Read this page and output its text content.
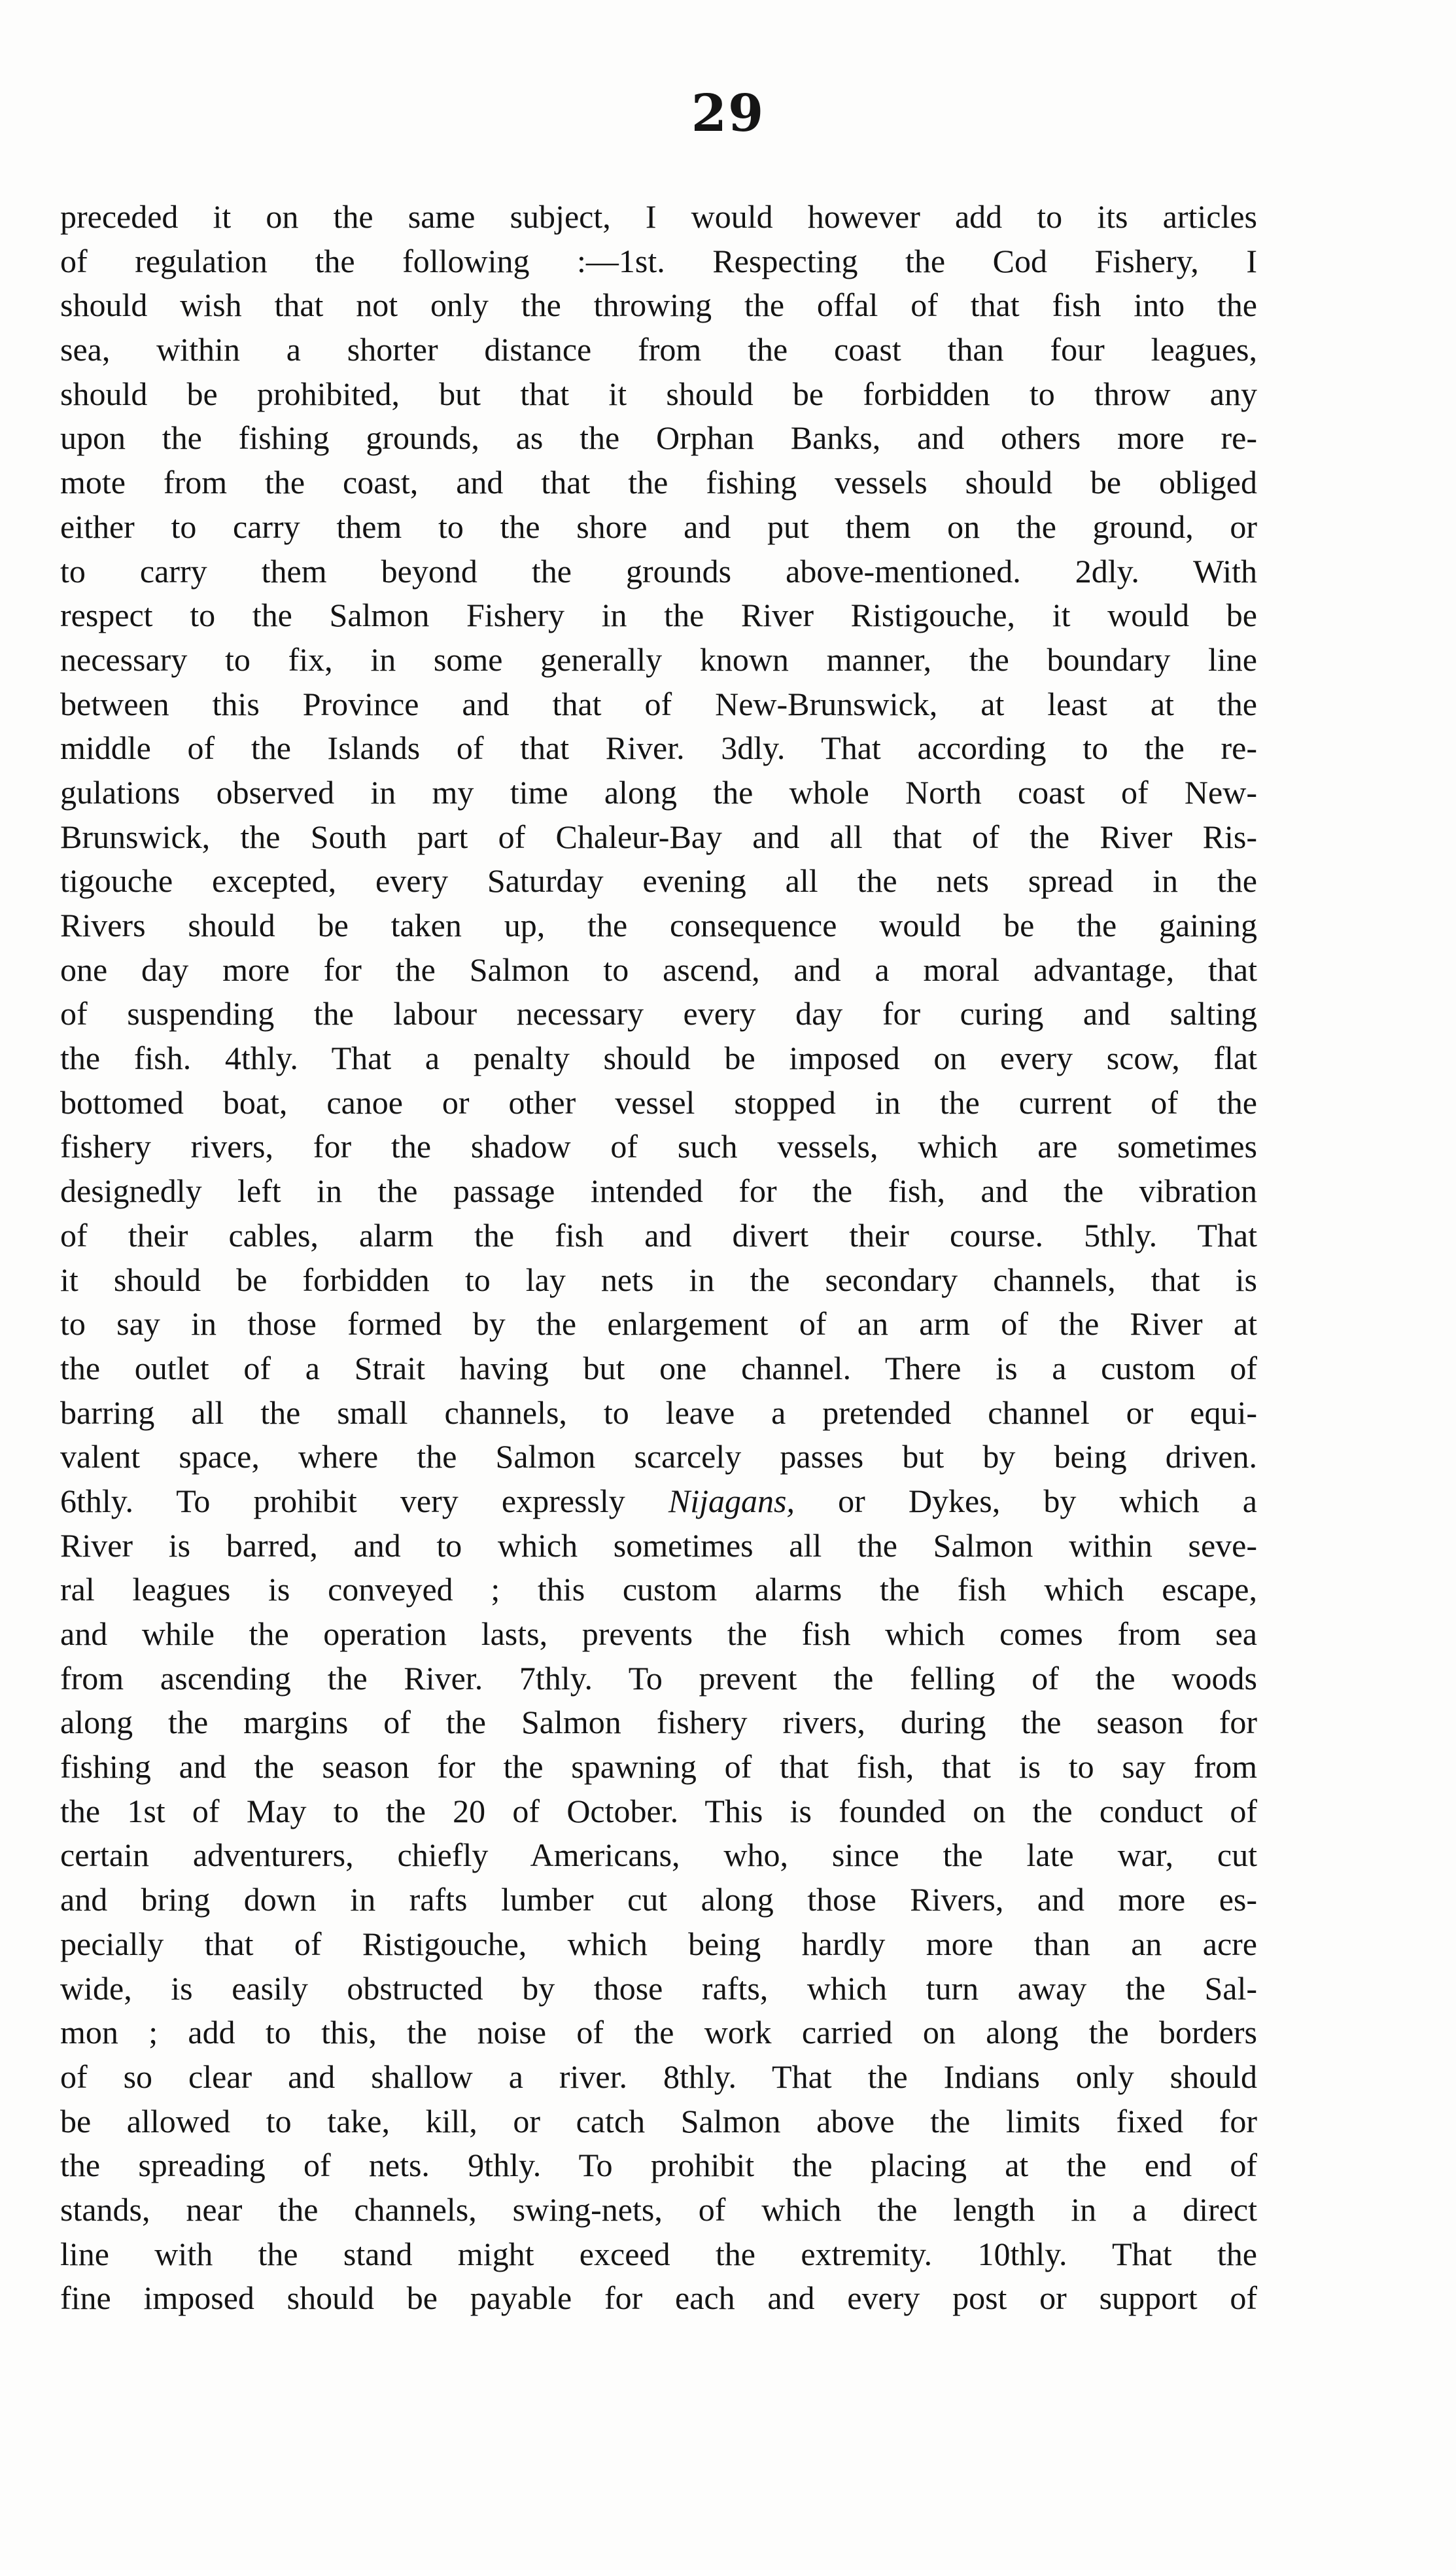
29
preceded it on the same subject, I would however add to its articles
of regulation the following :—1st. Respecting the Cod Fishery, I
should wish that not only the throwing the offal of that fish into the
sea, within a shorter distance from the coast than four leagues,
should be prohibited, but that it should be forbidden to throw any
upon the fishing grounds, as the Orphan Banks, and others more re-
mote from the coast, and that the fishing vessels should be obliged
either to carry them to the shore and put them on the ground, or
to carry them beyond the grounds above-mentioned. 2dly. With
respect to the Salmon Fishery in the River Ristigouche, it would be
necessary to fix, in some generally known manner, the boundary line
between this Province and that of New-Brunswick, at least at the
middle of the Islands of that River. 3dly. That according to the re-
gulations observed in my time along the whole North coast of New-
Brunswick, the South part of Chaleur-Bay and all that of the River Ris-
tigouche excepted, every Saturday evening all the nets spread in the
Rivers should be taken up, the consequence would be the gaining
one day more for the Salmon to ascend, and a moral advantage, that
of suspending the labour necessary every day for curing and salting
the fish. 4thly. That a penalty should be imposed on every scow, flat
bottomed boat, canoe or other vessel stopped in the current of the
fishery rivers, for the shadow of such vessels, which are sometimes
designedly left in the passage intended for the fish, and the vibration
of their cables, alarm the fish and divert their course. 5thly. That
it should be forbidden to lay nets in the secondary channels, that is
to say in those formed by the enlargement of an arm of the River at
the outlet of a Strait having but one channel. There is a custom of
barring all the small channels, to leave a pretended channel or equi-
valent space, where the Salmon scarcely passes but by being driven.
6thly. To prohibit very expressly Nijagans, or Dykes, by which a
River is barred, and to which sometimes all the Salmon within seve-
ral leagues is conveyed ; this custom alarms the fish which escape,
and while the operation lasts, prevents the fish which comes from sea
from ascending the River. 7thly. To prevent the felling of the woods
along the margins of the Salmon fishery rivers, during the season for
fishing and the season for the spawning of that fish, that is to say from
the 1st of May to the 20 of October. This is founded on the conduct of
certain adventurers, chiefly Americans, who, since the late war, cut
and bring down in rafts lumber cut along those Rivers, and more es-
pecially that of Ristigouche, which being hardly more than an acre
wide, is easily obstructed by those rafts, which turn away the Sal-
mon ; add to this, the noise of the work carried on along the borders
of so clear and shallow a river. 8thly. That the Indians only should
be allowed to take, kill, or catch Salmon above the limits fixed for
the spreading of nets. 9thly. To prohibit the placing at the end of
stands, near the channels, swing-nets, of which the length in a direct
line with the stand might exceed the extremity. 10thly. That the
fine imposed should be payable for each and every post or support of
